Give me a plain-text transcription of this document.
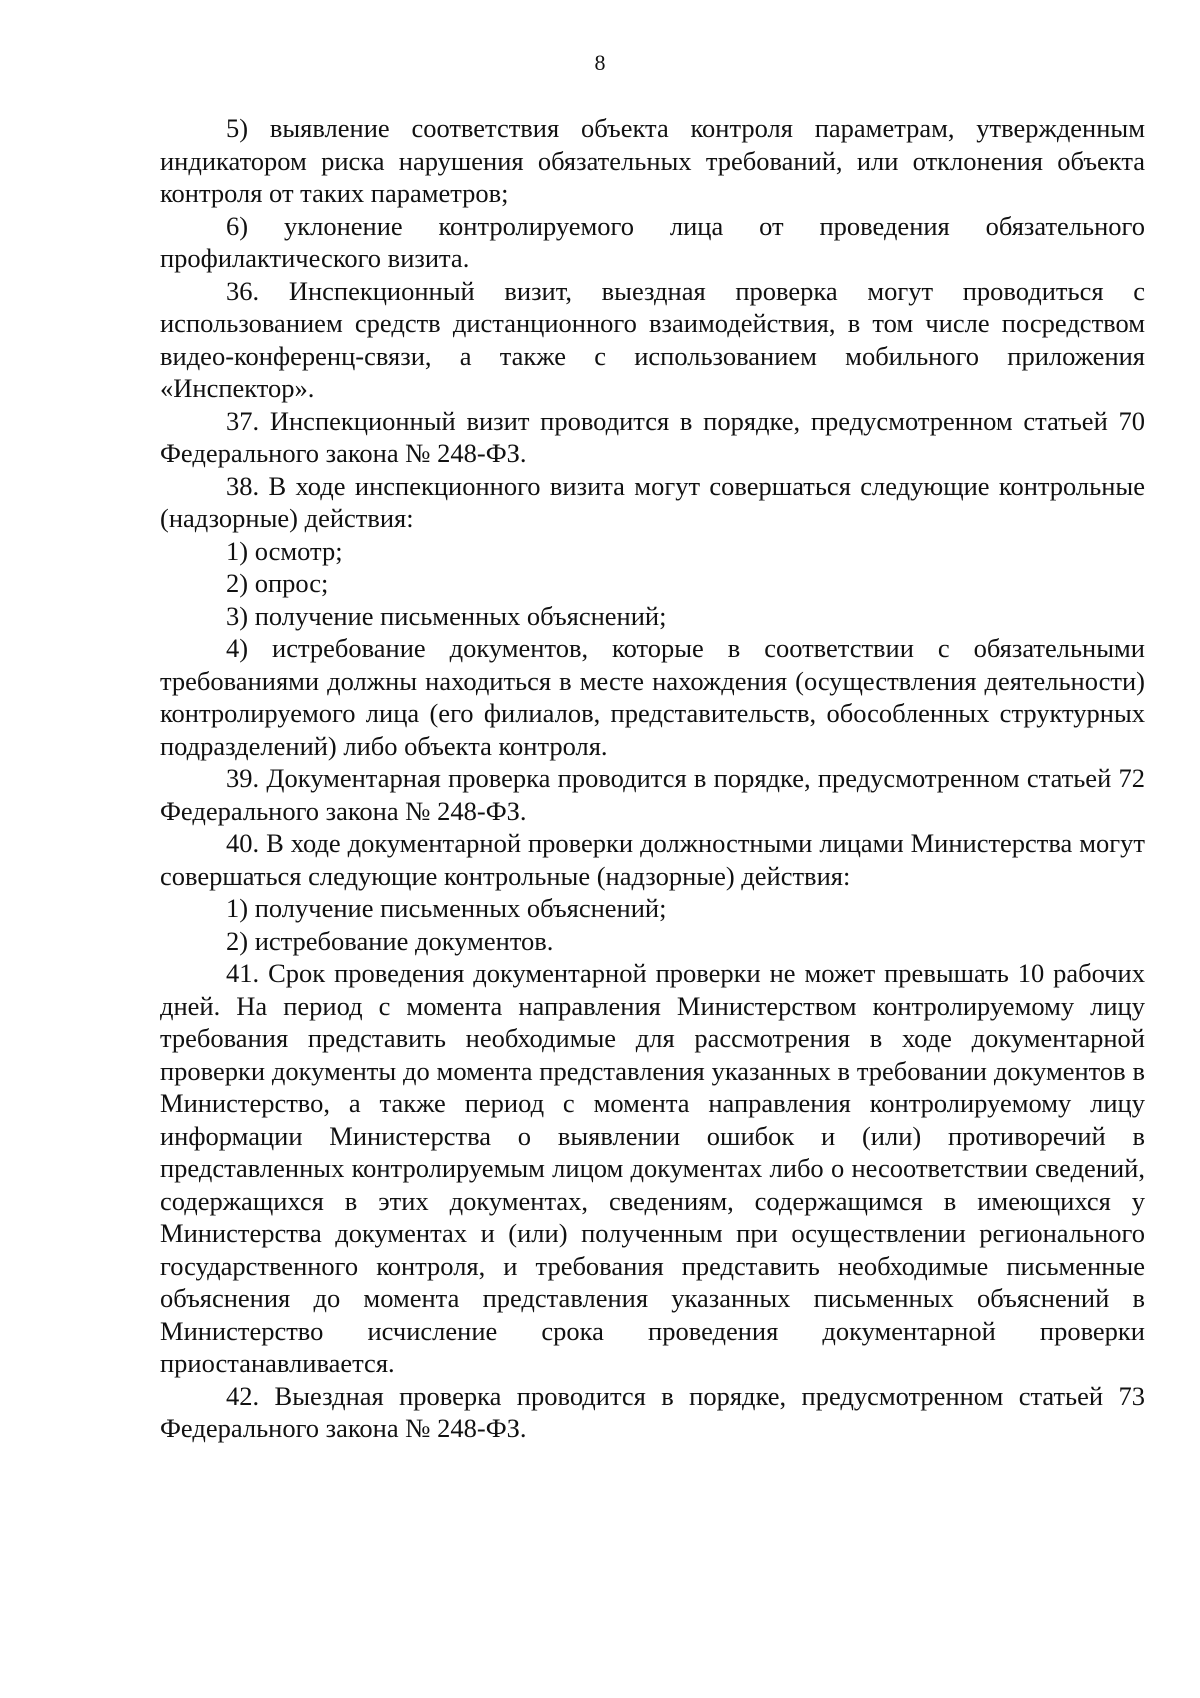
8

5) выявление соответствия объекта контроля параметрам, утвержденным индикатором риска нарушения обязательных требований, или отклонения объекта контроля от таких параметров;

6) уклонение контролируемого лица от проведения обязательного профилактического визита.

36. Инспекционный визит, выездная проверка могут проводиться с использованием средств дистанционного взаимодействия, в том числе посредством видео-конференц-связи, а также с использованием мобильного приложения «Инспектор».

37. Инспекционный визит проводится в порядке, предусмотренном статьей 70 Федерального закона № 248-ФЗ.

38. В ходе инспекционного визита могут совершаться следующие контрольные (надзорные) действия:

1) осмотр;

2) опрос;

3) получение письменных объяснений;

4) истребование документов, которые в соответствии с обязательными требованиями должны находиться в месте нахождения (осуществления деятельности) контролируемого лица (его филиалов, представительств, обособленных структурных подразделений) либо объекта контроля.

39. Документарная проверка проводится в порядке, предусмотренном статьей 72 Федерального закона № 248-ФЗ.

40. В ходе документарной проверки должностными лицами Министерства могут совершаться следующие контрольные (надзорные) действия:

1) получение письменных объяснений;

2) истребование документов.

41. Срок проведения документарной проверки не может превышать 10 рабочих дней. На период с момента направления Министерством контролируемому лицу требования представить необходимые для рассмотрения в ходе документарной проверки документы до момента представления указанных в требовании документов в Министерство, а также период с момента направления контролируемому лицу информации Министерства о выявлении ошибок и (или) противоречий в представленных контролируемым лицом документах либо о несоответствии сведений, содержащихся в этих документах, сведениям, содержащимся в имеющихся у Министерства документах и (или) полученным при осуществлении регионального государственного контроля, и требования представить необходимые письменные объяснения до момента представления указанных письменных объяснений в Министерство исчисление срока проведения документарной проверки приостанавливается.

42. Выездная проверка проводится в порядке, предусмотренном статьей 73 Федерального закона № 248-ФЗ.
